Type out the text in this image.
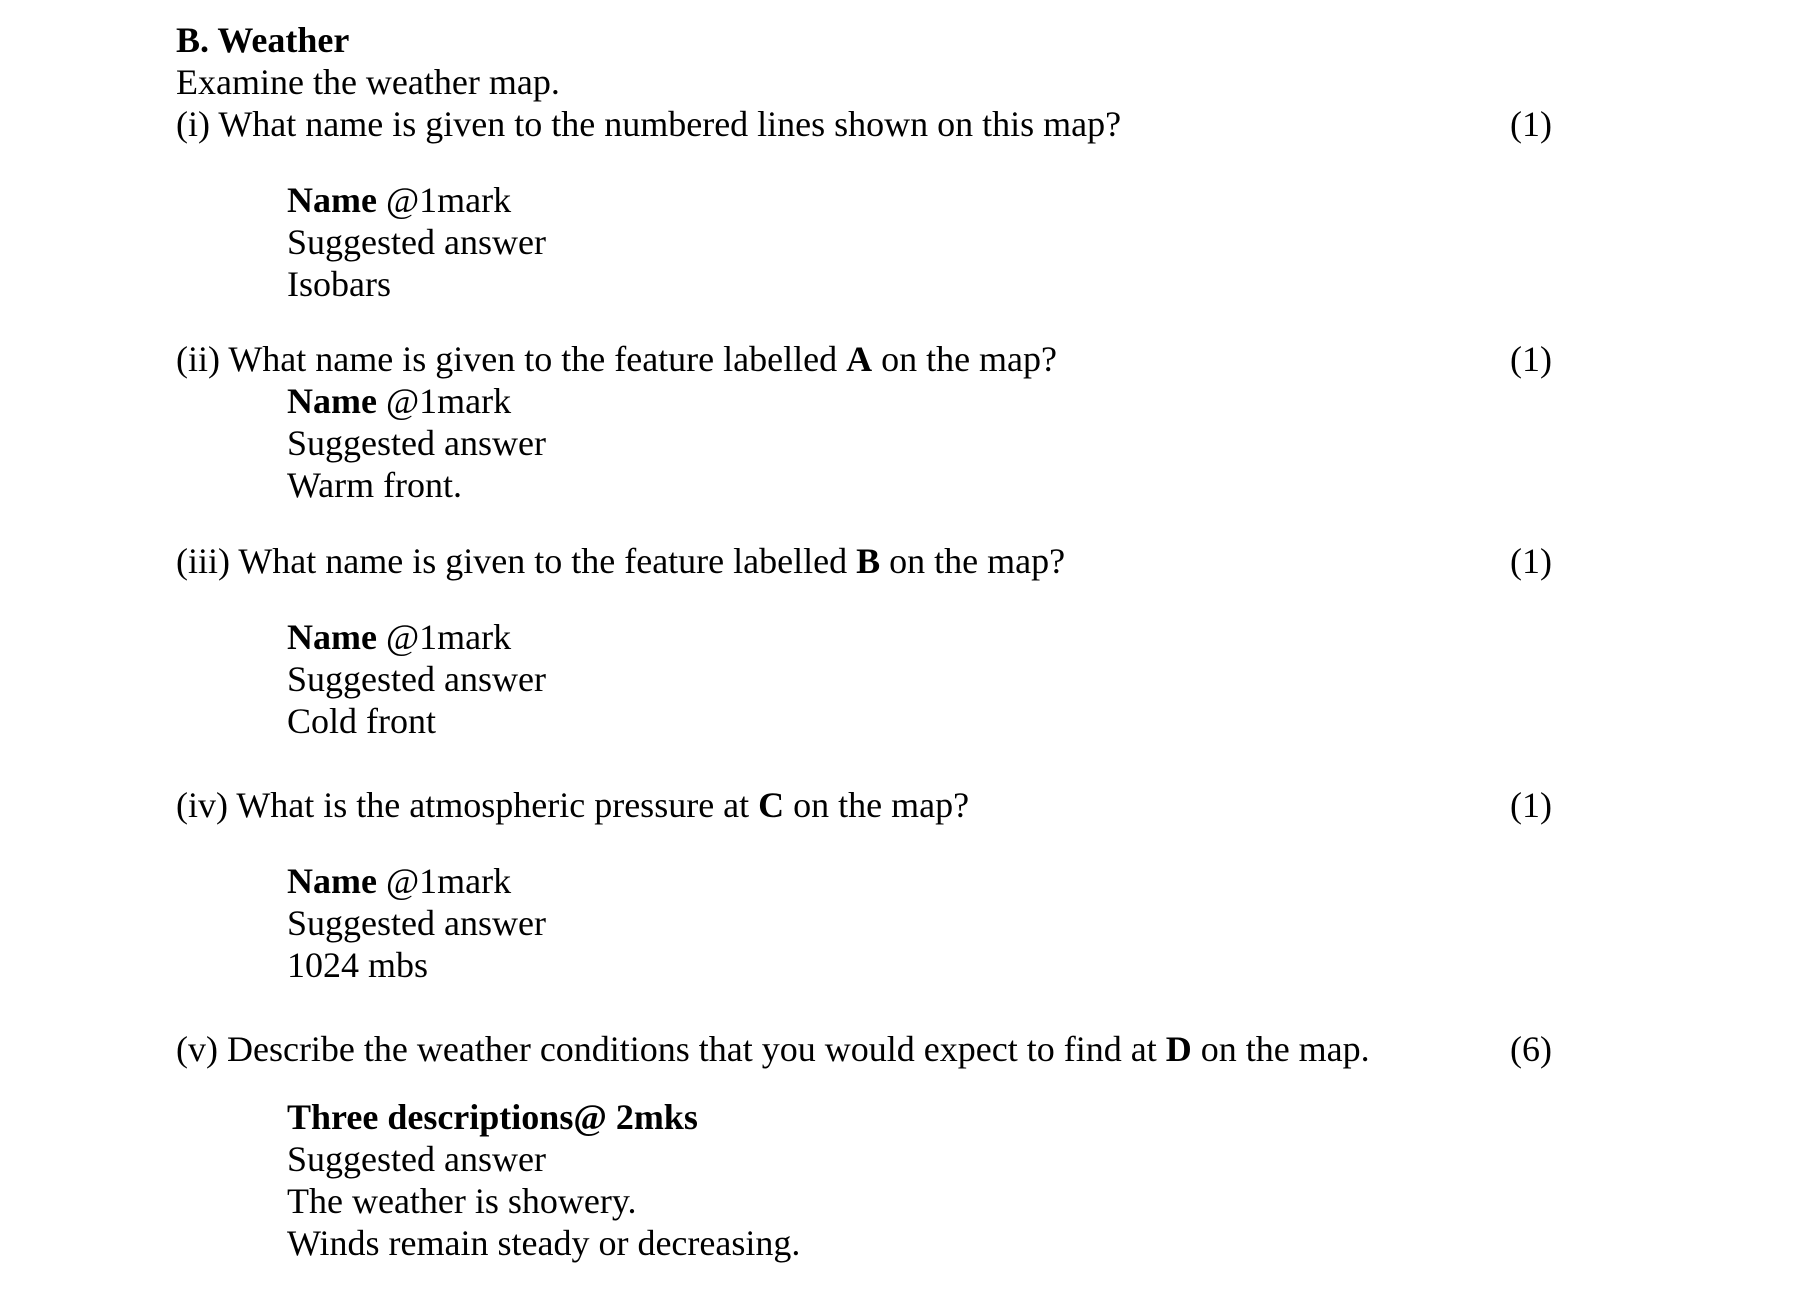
B. Weather
Examine the weather map.
(i) What name is given to the numbered lines shown on this map?	(1)
Name @1mark
Suggested answer
Isobars
(ii) What name is given to the feature labelled A on the map?	(1)
Name @1mark
Suggested answer
Warm front.
(iii) What name is given to the feature labelled B on the map?	(1)
Name @1mark
Suggested answer
Cold front
(iv) What is the atmospheric pressure at C on the map?	(1)
Name @1mark
Suggested answer
1024 mbs
(v) Describe the weather conditions that you would expect to find at D on the map.	(6)
Three descriptions@ 2mks
Suggested answer
The weather is showery.
Winds remain steady or decreasing.
